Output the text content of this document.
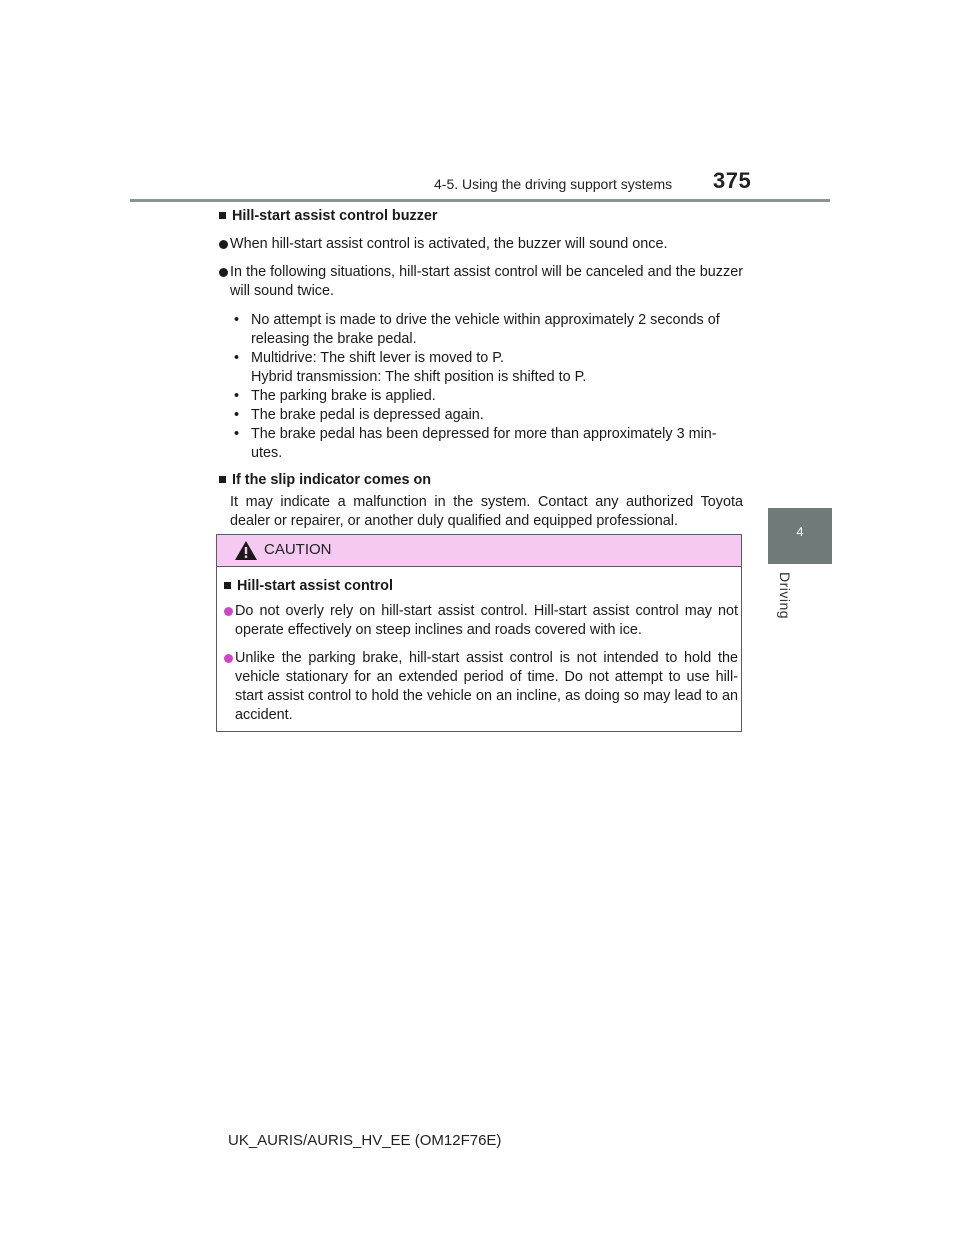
4-5. Using the driving support systems 375
4
Driving

Hill-start assist control buzzer

When hill-start assist control is activated, the buzzer will sound once.
In the following situations, hill-start assist control will be canceled and the buzzer will sound twice.
• No attempt is made to drive the vehicle within approximately 2 seconds of releasing the brake pedal.
• Multidrive: The shift lever is moved to P.
Hybrid transmission: The shift position is shifted to P.
• The parking brake is applied.
• The brake pedal is depressed again.
• The brake pedal has been depressed for more than approximately 3 min-utes.

If the slip indicator comes on

It may indicate a malfunction in the system. Contact any authorized Toyota dealer or repairer, or another duly qualified and equipped professional.

CAUTION

Hill-start assist control

Do not overly rely on hill-start assist control. Hill-start assist control may not operate effectively on steep inclines and roads covered with ice.
Unlike the parking brake, hill-start assist control is not intended to hold the vehicle stationary for an extended period of time. Do not attempt to use hill-start assist control to hold the vehicle on an incline, as doing so may lead to an accident.
UK_AURIS/AURIS_HV_EE (OM12F76E)
